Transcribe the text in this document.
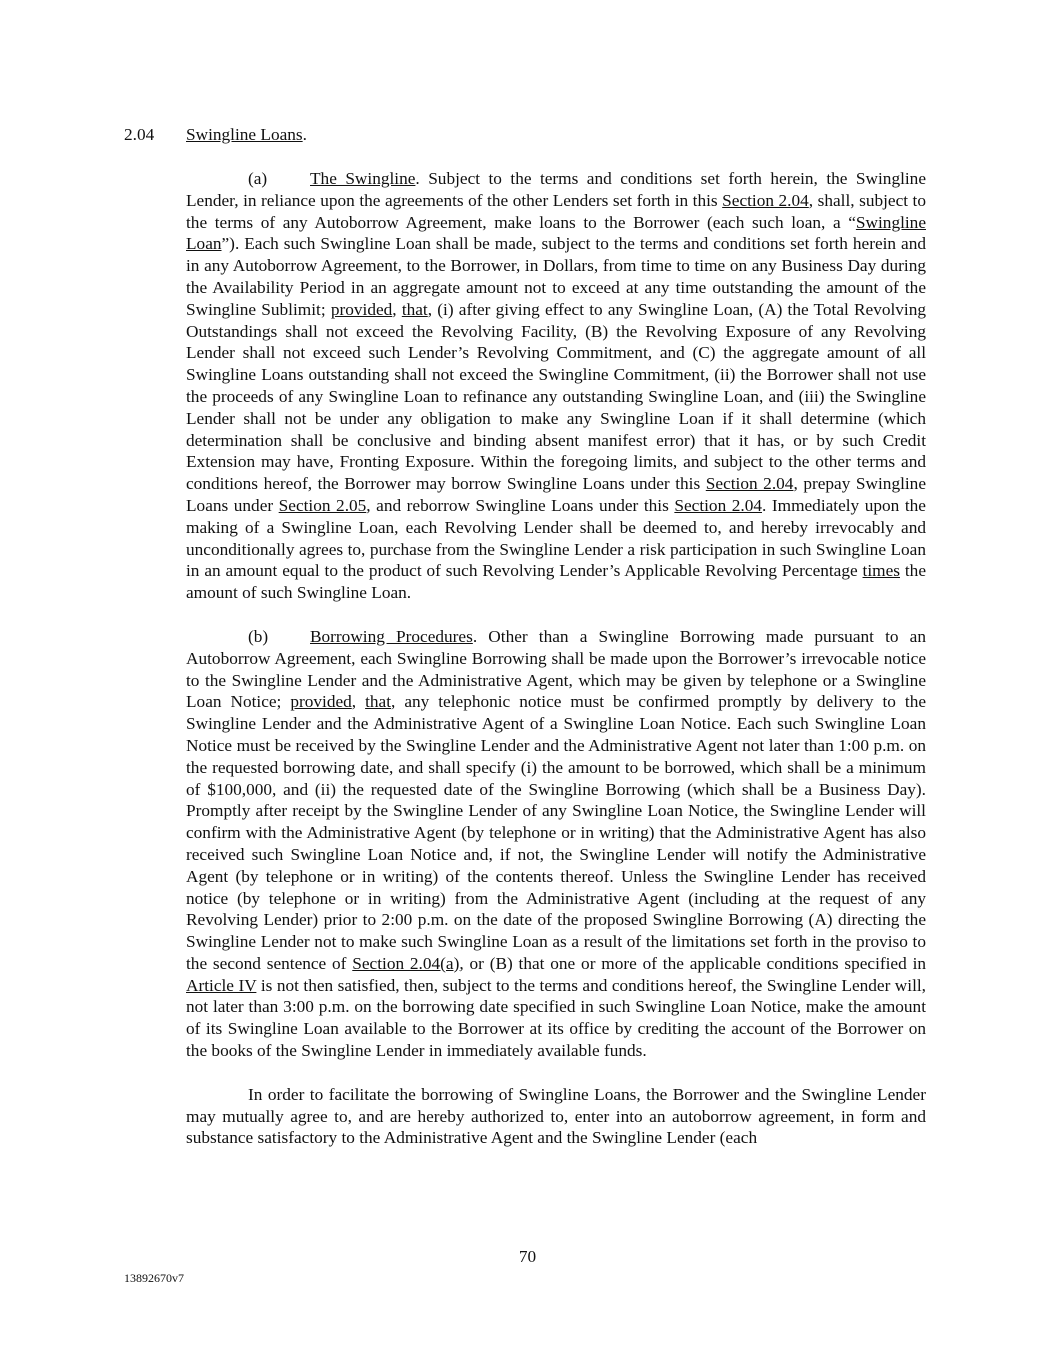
2.04 Swingline Loans.

(a) The Swingline. Subject to the terms and conditions set forth herein, the Swingline Lender, in reliance upon the agreements of the other Lenders set forth in this Section 2.04, shall, subject to the terms of any Autoborrow Agreement, make loans to the Borrower (each such loan, a “Swingline Loan”). Each such Swingline Loan shall be made, subject to the terms and conditions set forth herein and in any Autoborrow Agreement, to the Borrower, in Dollars, from time to time on any Business Day during the Availability Period in an aggregate amount not to exceed at any time outstanding the amount of the Swingline Sublimit; provided, that, (i) after giving effect to any Swingline Loan, (A) the Total Revolving Outstandings shall not exceed the Revolving Facility, (B) the Revolving Exposure of any Revolving Lender shall not exceed such Lender’s Revolving Commitment, and (C) the aggregate amount of all Swingline Loans outstanding shall not exceed the Swingline Commitment, (ii) the Borrower shall not use the proceeds of any Swingline Loan to refinance any outstanding Swingline Loan, and (iii) the Swingline Lender shall not be under any obligation to make any Swingline Loan if it shall determine (which determination shall be conclusive and binding absent manifest error) that it has, or by such Credit Extension may have, Fronting Exposure. Within the foregoing limits, and subject to the other terms and conditions hereof, the Borrower may borrow Swingline Loans under this Section 2.04, prepay Swingline Loans under Section 2.05, and reborrow Swingline Loans under this Section 2.04. Immediately upon the making of a Swingline Loan, each Revolving Lender shall be deemed to, and hereby irrevocably and unconditionally agrees to, purchase from the Swingline Lender a risk participation in such Swingline Loan in an amount equal to the product of such Revolving Lender’s Applicable Revolving Percentage times the amount of such Swingline Loan.

(b) Borrowing Procedures. Other than a Swingline Borrowing made pursuant to an Autoborrow Agreement, each Swingline Borrowing shall be made upon the Borrower’s irrevocable notice to the Swingline Lender and the Administrative Agent, which may be given by telephone or a Swingline Loan Notice; provided, that, any telephonic notice must be confirmed promptly by delivery to the Swingline Lender and the Administrative Agent of a Swingline Loan Notice. Each such Swingline Loan Notice must be received by the Swingline Lender and the Administrative Agent not later than 1:00 p.m. on the requested borrowing date, and shall specify (i) the amount to be borrowed, which shall be a minimum of $100,000, and (ii) the requested date of the Swingline Borrowing (which shall be a Business Day). Promptly after receipt by the Swingline Lender of any Swingline Loan Notice, the Swingline Lender will confirm with the Administrative Agent (by telephone or in writing) that the Administrative Agent has also received such Swingline Loan Notice and, if not, the Swingline Lender will notify the Administrative Agent (by telephone or in writing) of the contents thereof. Unless the Swingline Lender has received notice (by telephone or in writing) from the Administrative Agent (including at the request of any Revolving Lender) prior to 2:00 p.m. on the date of the proposed Swingline Borrowing (A) directing the Swingline Lender not to make such Swingline Loan as a result of the limitations set forth in the proviso to the second sentence of Section 2.04(a), or (B) that one or more of the applicable conditions specified in Article IV is not then satisfied, then, subject to the terms and conditions hereof, the Swingline Lender will, not later than 3:00 p.m. on the borrowing date specified in such Swingline Loan Notice, make the amount of its Swingline Loan available to the Borrower at its office by crediting the account of the Borrower on the books of the Swingline Lender in immediately available funds.

In order to facilitate the borrowing of Swingline Loans, the Borrower and the Swingline Lender may mutually agree to, and are hereby authorized to, enter into an autoborrow agreement, in form and substance satisfactory to the Administrative Agent and the Swingline Lender (each

70
13892670v7
